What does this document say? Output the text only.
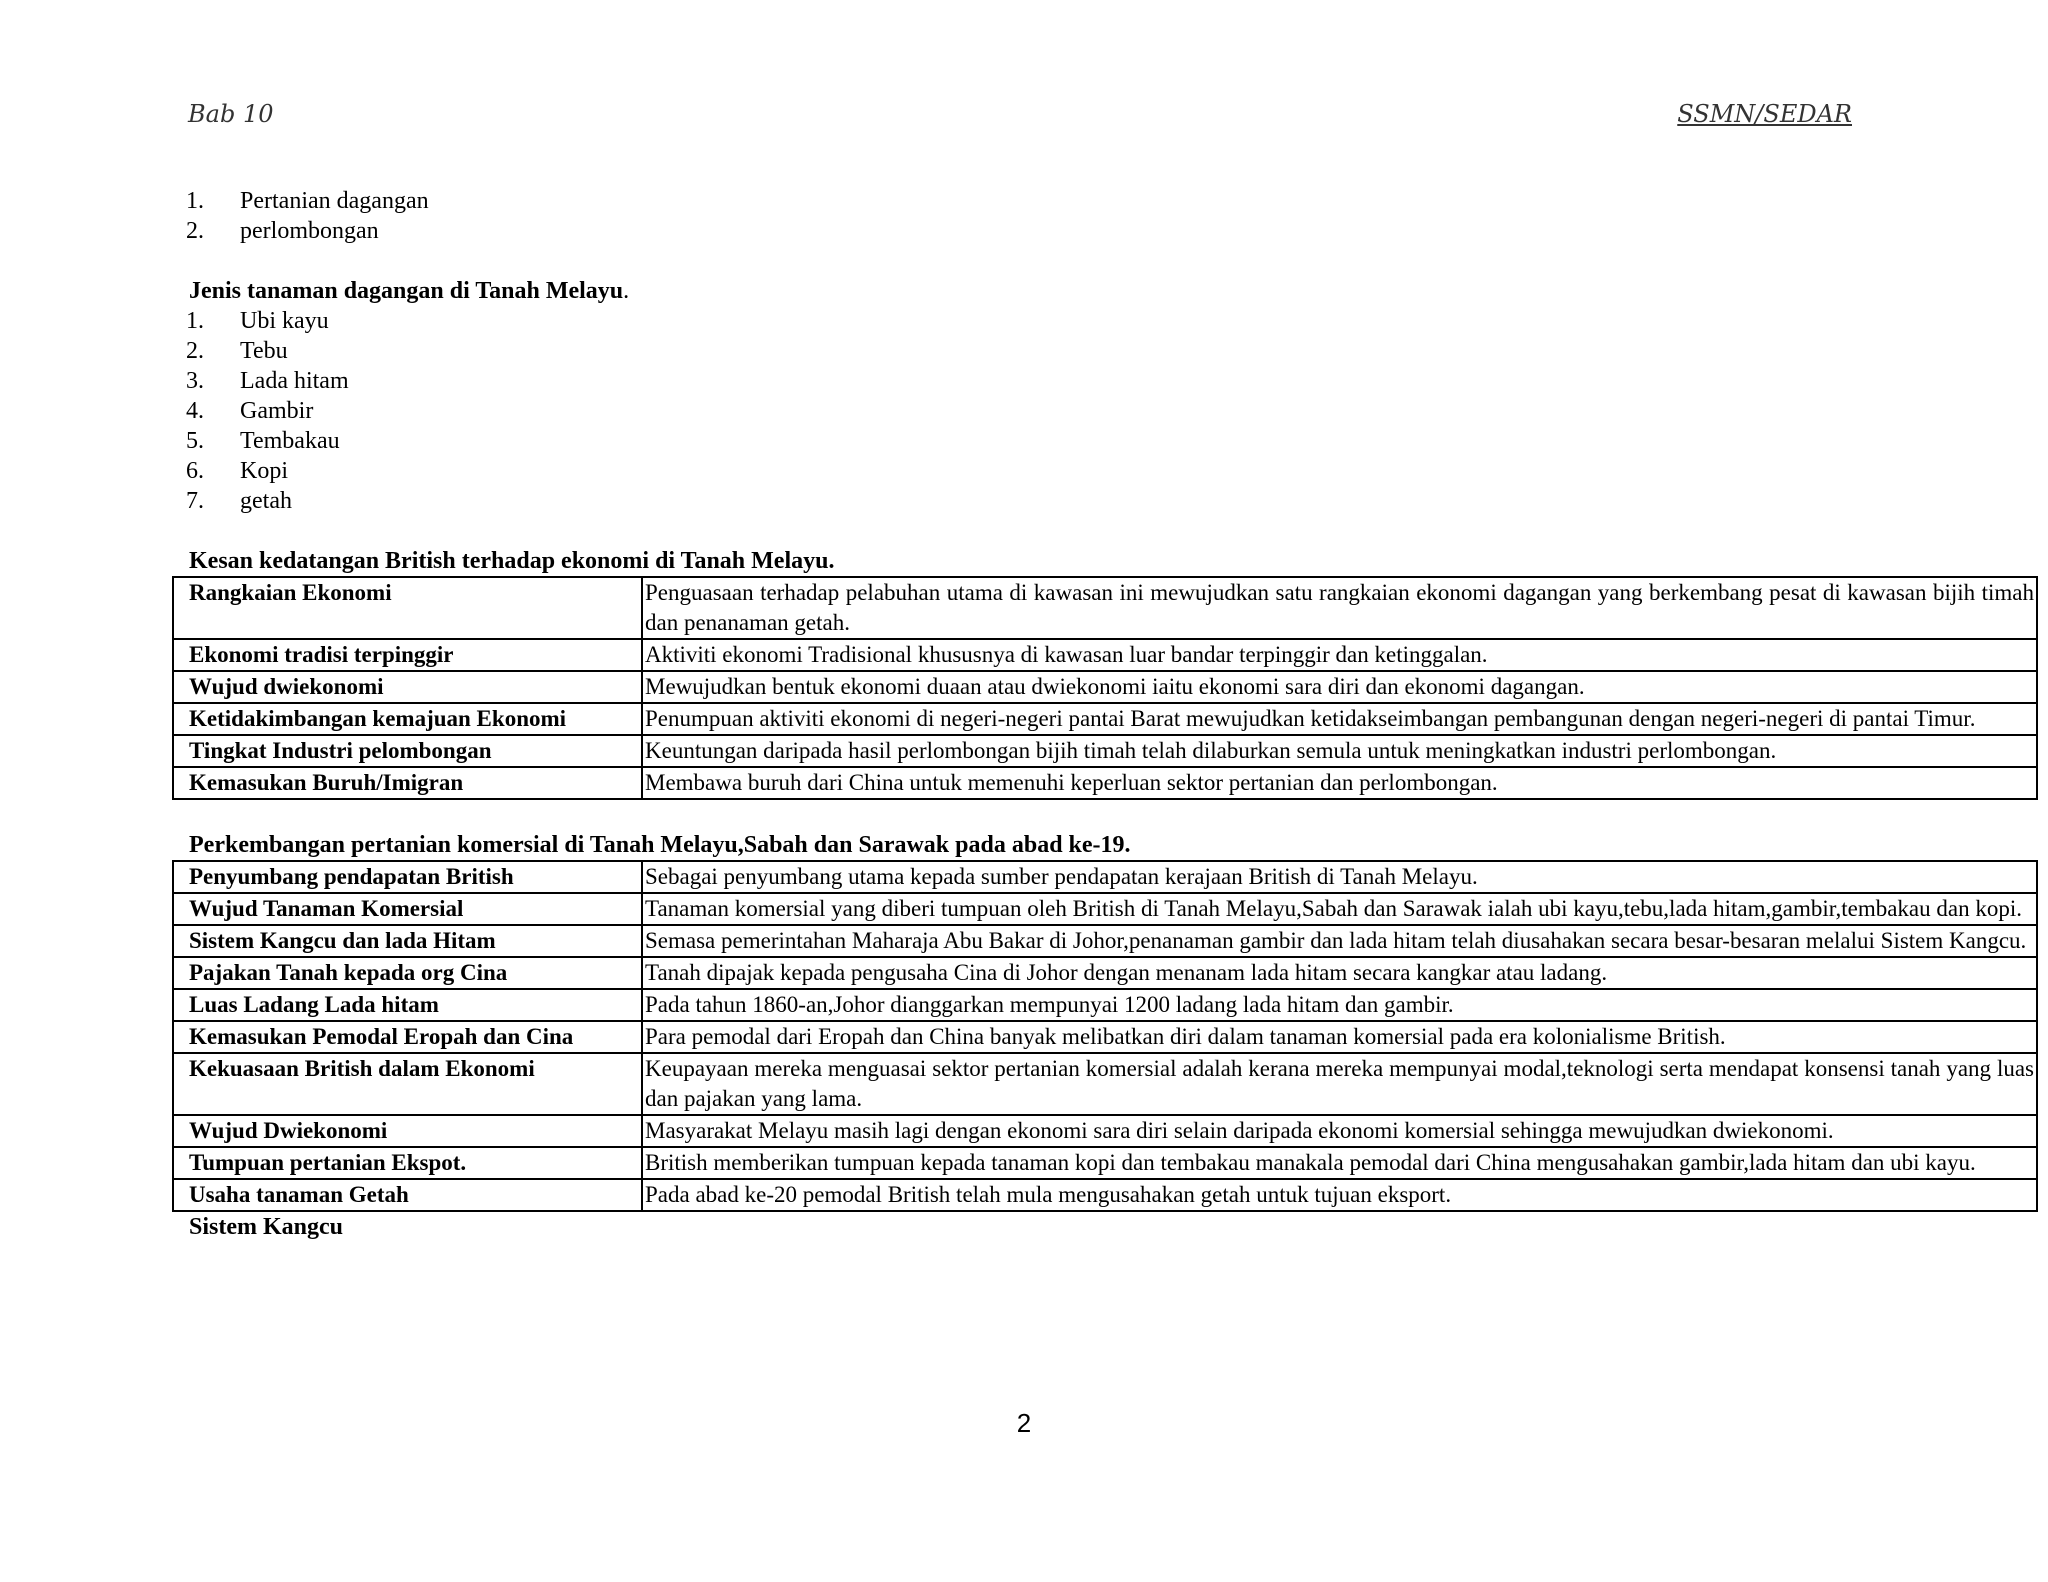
Bab 10	SSMN/SEDAR
1. Pertanian dagangan
2. perlombongan
Jenis tanaman dagangan di Tanah Melayu.
1. Ubi kayu
2. Tebu
3. Lada hitam
4. Gambir
5. Tembakau
6. Kopi
7. getah
Kesan kedatangan British terhadap ekonomi di Tanah Melayu.
Rangkaian Ekonomi	Penguasaan terhadap pelabuhan utama di kawasan ini mewujudkan satu rangkaian ekonomi dagangan yang berkembang pesat di kawasan bijih timah dan penanaman getah.
Ekonomi tradisi terpinggir	Aktiviti ekonomi Tradisional khususnya di kawasan luar bandar terpinggir dan ketinggalan.
Wujud dwiekonomi	Mewujudkan bentuk ekonomi duaan atau dwiekonomi iaitu ekonomi sara diri dan ekonomi dagangan.
Ketidakimbangan kemajuan Ekonomi	Penumpuan aktiviti ekonomi di negeri-negeri pantai Barat mewujudkan ketidakseimbangan pembangunan dengan negeri-negeri di pantai Timur.
Tingkat Industri pelombongan	Keuntungan daripada hasil perlombongan bijih timah telah dilaburkan semula untuk meningkatkan industri perlombongan.
Kemasukan Buruh/Imigran	Membawa buruh dari China untuk memenuhi keperluan sektor pertanian dan perlombongan.
Perkembangan pertanian komersial di Tanah Melayu,Sabah dan Sarawak pada abad ke-19.
Penyumbang pendapatan British	Sebagai penyumbang utama kepada sumber pendapatan kerajaan British di Tanah Melayu.
Wujud Tanaman Komersial	Tanaman komersial yang diberi tumpuan oleh British di Tanah Melayu,Sabah dan Sarawak ialah ubi kayu,tebu,lada hitam,gambir,tembakau dan kopi.
Sistem Kangcu dan lada Hitam	Semasa pemerintahan Maharaja Abu Bakar di Johor,penanaman gambir dan lada hitam telah diusahakan secara besar-besaran melalui Sistem Kangcu.
Pajakan Tanah kepada org Cina	Tanah dipajak kepada pengusaha Cina di Johor dengan menanam lada hitam secara kangkar atau ladang.
Luas Ladang Lada hitam	Pada tahun 1860-an,Johor dianggarkan mempunyai 1200 ladang lada hitam dan gambir.
Kemasukan Pemodal Eropah dan Cina	Para pemodal dari Eropah dan China banyak melibatkan diri dalam tanaman komersial pada era kolonialisme British.
Kekuasaan British dalam Ekonomi	Keupayaan mereka menguasai sektor pertanian komersial adalah kerana mereka mempunyai modal,teknologi serta mendapat konsensi tanah yang luas dan pajakan yang lama.
Wujud Dwiekonomi	Masyarakat Melayu masih lagi dengan ekonomi sara diri selain daripada ekonomi komersial sehingga mewujudkan dwiekonomi.
Tumpuan pertanian Ekspot.	British memberikan tumpuan kepada tanaman kopi dan tembakau manakala pemodal dari China mengusahakan gambir,lada hitam dan ubi kayu.
Usaha tanaman Getah	Pada abad ke-20 pemodal British telah mula mengusahakan getah untuk tujuan eksport.
Sistem Kangcu
2
